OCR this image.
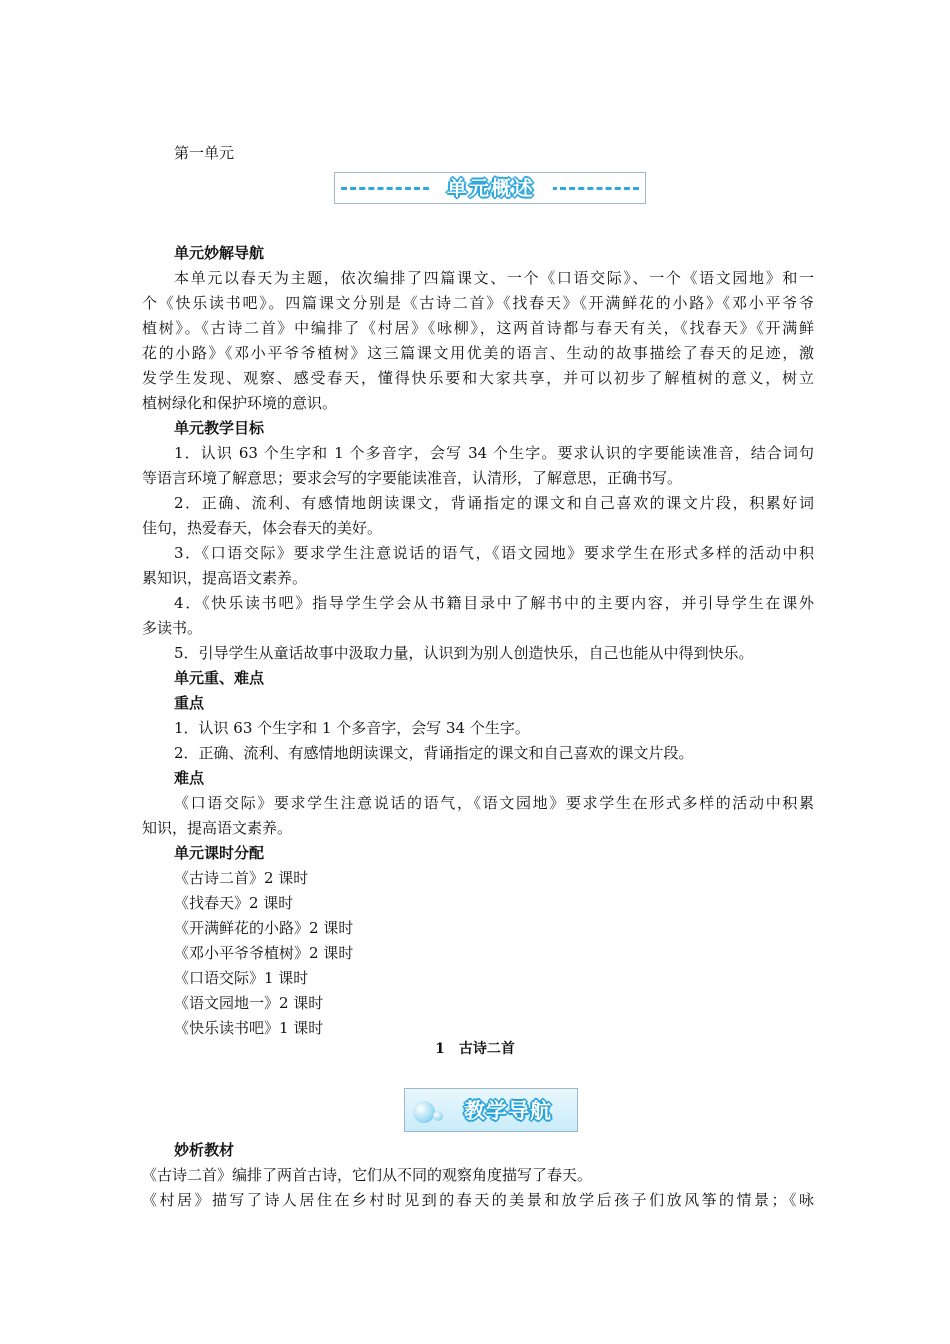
第一单元
单元概述
单元妙解导航
本单元以春天为主题，依次编排了四篇课文、一个《口语交际》、一个《语文园地》和一
个《快乐读书吧》。四篇课文分别是《古诗二首》《找春天》《开满鲜花的小路》《邓小平爷爷
植树》。《古诗二首》中编排了《村居》《咏柳》，这两首诗都与春天有关，《找春天》《开满鲜
花的小路》《邓小平爷爷植树》这三篇课文用优美的语言、生动的故事描绘了春天的足迹，激
发学生发现、观察、感受春天，懂得快乐要和大家共享，并可以初步了解植树的意义，树立
植树绿化和保护环境的意识。
单元教学目标
1．认识 63 个生字和 1 个多音字，会写 34 个生字。要求认识的字要能读准音，结合词句
等语言环境了解意思；要求会写的字要能读准音，认清形，了解意思，正确书写。
2．正确、流利、有感情地朗读课文，背诵指定的课文和自己喜欢的课文片段，积累好词
佳句，热爱春天，体会春天的美好。
3．《口语交际》要求学生注意说话的语气，《语文园地》要求学生在形式多样的活动中积
累知识，提高语文素养。
4．《快乐读书吧》指导学生学会从书籍目录中了解书中的主要内容，并引导学生在课外
多读书。
5．引导学生从童话故事中汲取力量，认识到为别人创造快乐，自己也能从中得到快乐。
单元重、难点
重点
1．认识 63 个生字和 1 个多音字，会写 34 个生字。
2．正确、流利、有感情地朗读课文，背诵指定的课文和自己喜欢的课文片段。
难点
《口语交际》要求学生注意说话的语气，《语文园地》要求学生在形式多样的活动中积累
知识，提高语文素养。
单元课时分配
《古诗二首》2 课时
《找春天》2 课时
《开满鲜花的小路》2 课时
《邓小平爷爷植树》2 课时
《口语交际》1 课时
《语文园地一》2 课时
《快乐读书吧》1 课时
1　古诗二首
教学导航
妙析教材
《古诗二首》编排了两首古诗，它们从不同的观察角度描写了春天。
《村居》描写了诗人居住在乡村时见到的春天的美景和放学后孩子们放风筝的情景；《咏
